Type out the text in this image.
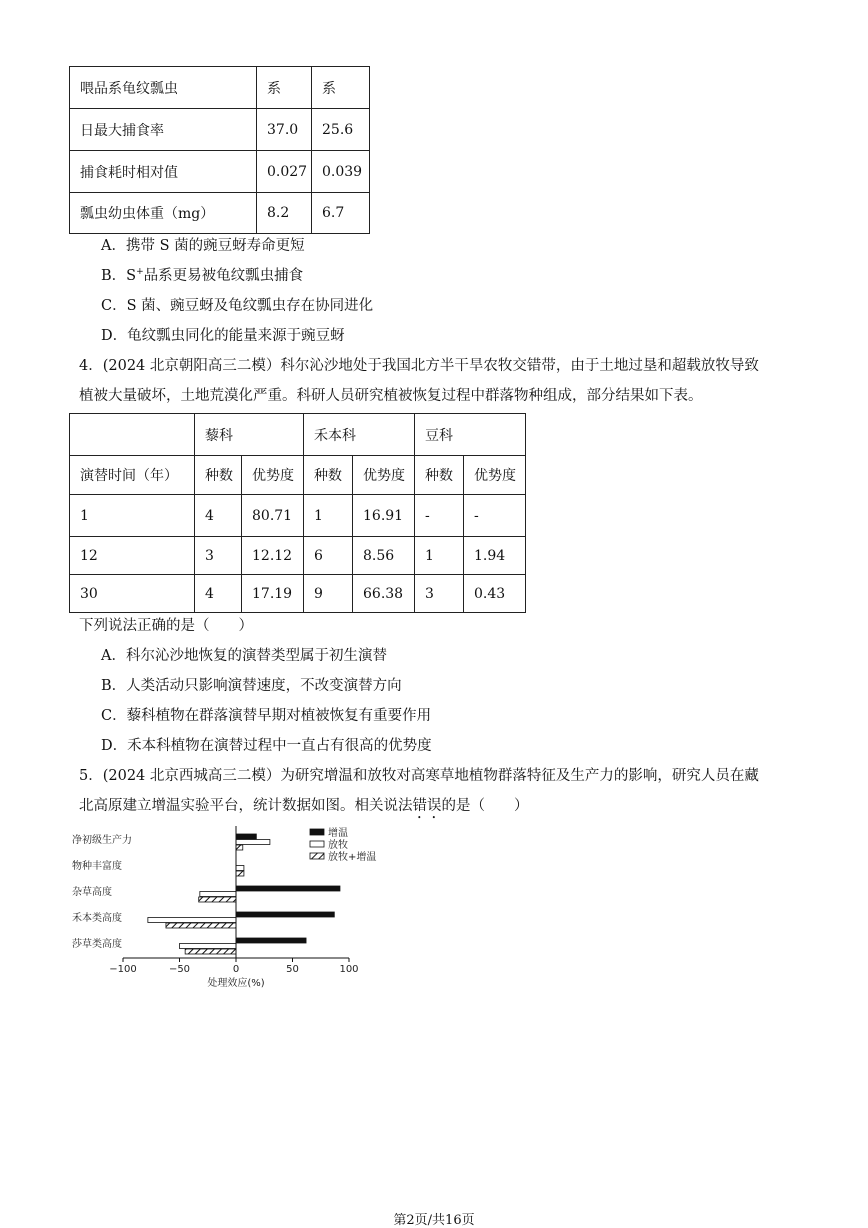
喂品系龟纹瓢虫	系	系
日最大捕食率	37.0	25.6
捕食耗时相对值	0.027	0.039
瓢虫幼虫体重（mg）	8.2	6.7
A．携带 S 菌的豌豆蚜寿命更短
B．S+品系更易被龟纹瓢虫捕食
C．S 菌、豌豆蚜及龟纹瓢虫存在协同进化
D．龟纹瓢虫同化的能量来源于豌豆蚜
4．(2024 北京朝阳高三二模）科尔沁沙地处于我国北方半干旱农牧交错带，由于土地过垦和超载放牧导致
植被大量破坏，土地荒漠化严重。科研人员研究植被恢复过程中群落物种组成，部分结果如下表。
	藜科		禾本科		豆科	
演替时间（年）	种数	优势度	种数	优势度	种数	优势度
1	4	80.71	1	16.91	-	-
12	3	12.12	6	8.56	1	1.94
30	4	17.19	9	66.38	3	0.43
下列说法正确的是（　　）
A．科尔沁沙地恢复的演替类型属于初生演替
B．人类活动只影响演替速度，不改变演替方向
C．藜科植物在群落演替早期对植被恢复有重要作用
D．禾本科植物在演替过程中一直占有很高的优势度
5．(2024 北京西城高三二模）为研究增温和放牧对高寒草地植物群落特征及生产力的影响，研究人员在藏
北高原建立增温实验平台，统计数据如图。相关说法错误的是（　　）
净初级生产力
物种丰富度
杂草高度
禾本类高度
莎草类高度
−100	−50	0	50	100
处理效应(%)
增温
放牧
放牧+增温
第2页/共16页
